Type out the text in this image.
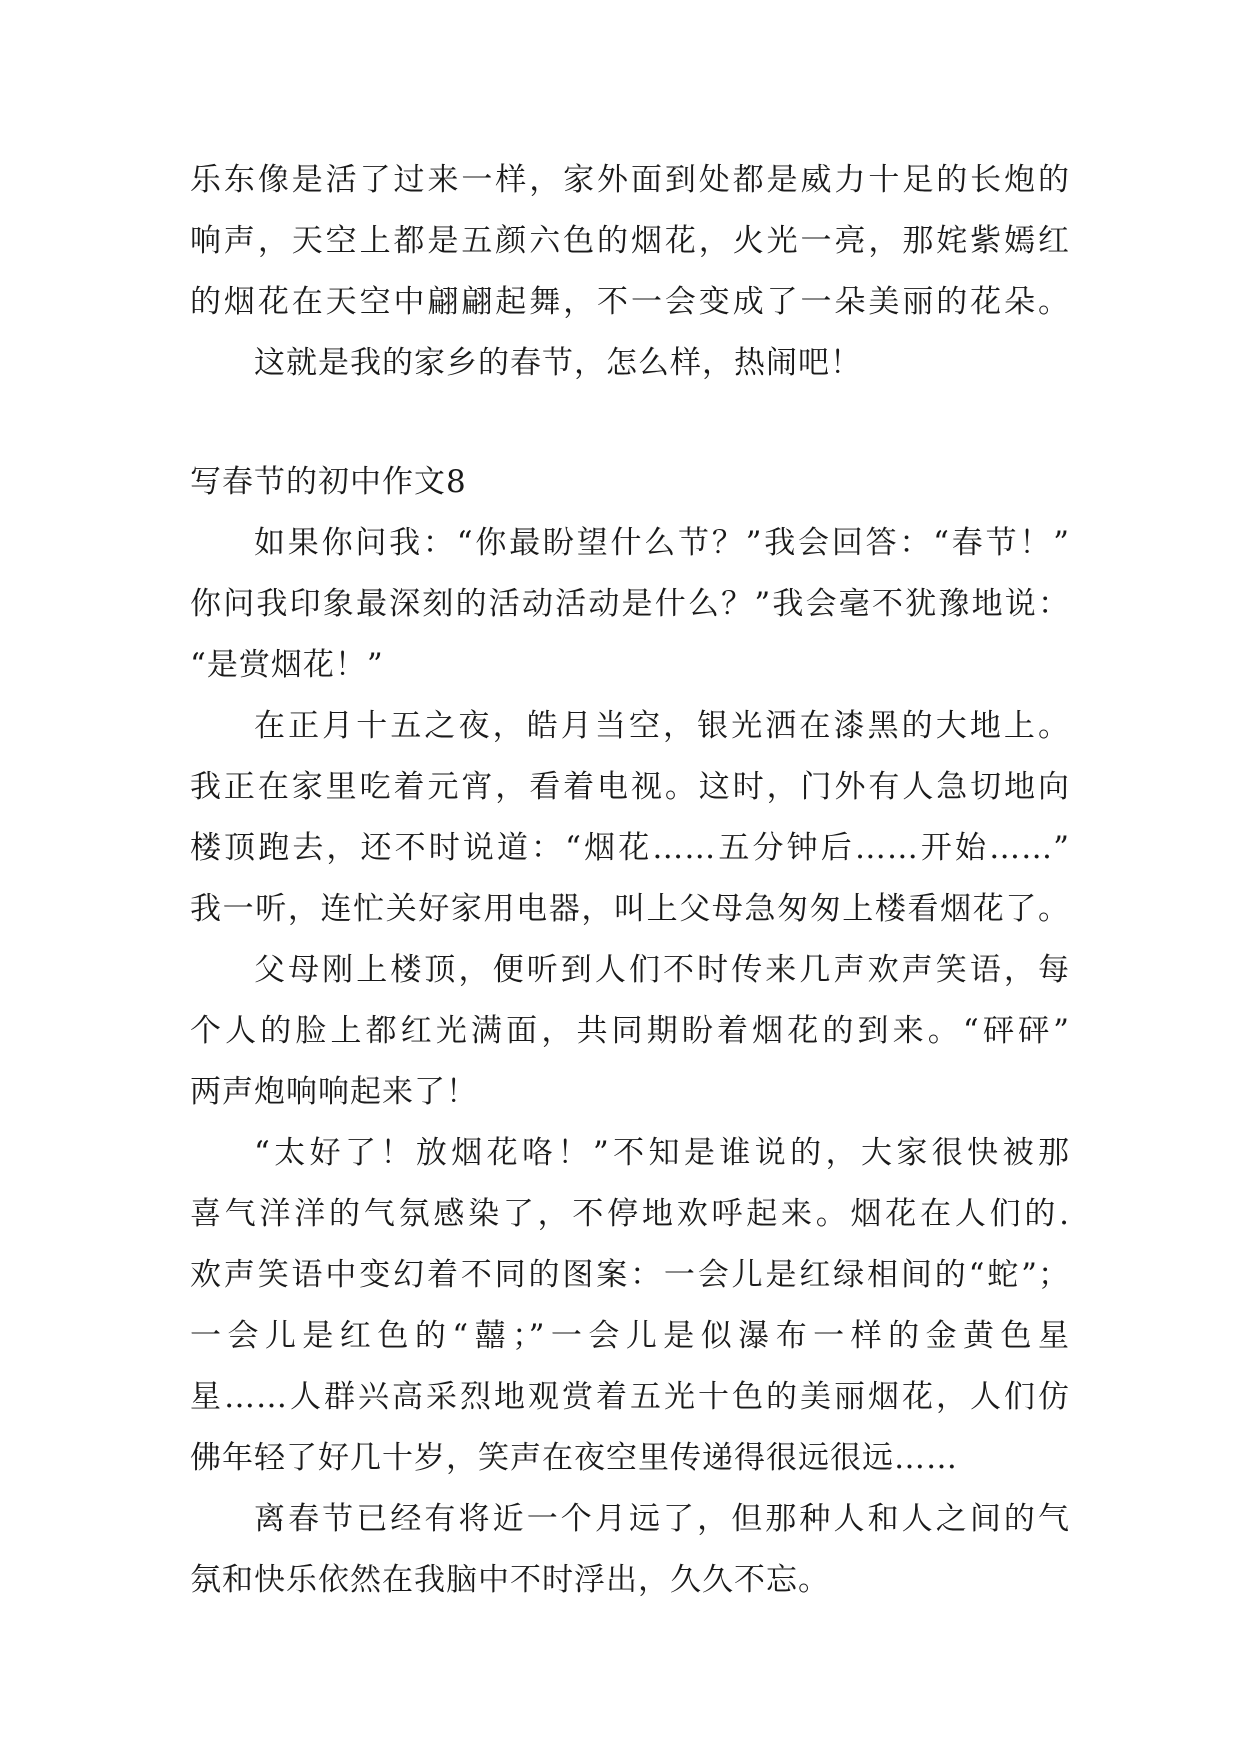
乐东像是活了过来一样，家外面到处都是威力十足的长炮的
响声，天空上都是五颜六色的烟花，火光一亮，那姹紫嫣红
的烟花在天空中翩翩起舞，不一会变成了一朵美丽的花朵。
这就是我的家乡的春节，怎么样，热闹吧！
写春节的初中作文8
如果你问我：“你最盼望什么节？”我会回答：“春节！”
你问我印象最深刻的活动活动是什么？”我会毫不犹豫地说：
“是赏烟花！”
在正月十五之夜，皓月当空，银光洒在漆黑的大地上。
我正在家里吃着元宵，看着电视。这时，门外有人急切地向
楼顶跑去，还不时说道：“烟花……五分钟后……开始……”
我一听，连忙关好家用电器，叫上父母急匆匆上楼看烟花了。
父母刚上楼顶，便听到人们不时传来几声欢声笑语，每
个人的脸上都红光满面，共同期盼着烟花的到来。“砰砰”
两声炮响响起来了！
“太好了！放烟花咯！”不知是谁说的，大家很快被那
喜气洋洋的气氛感染了，不停地欢呼起来。烟花在人们的.
欢声笑语中变幻着不同的图案：一会儿是红绿相间的“蛇”；
一会儿是红色的“囍；”一会儿是似瀑布一样的金黄色星
星……人群兴高采烈地观赏着五光十色的美丽烟花，人们仿
佛年轻了好几十岁，笑声在夜空里传递得很远很远……
离春节已经有将近一个月远了，但那种人和人之间的气
氛和快乐依然在我脑中不时浮出，久久不忘。
